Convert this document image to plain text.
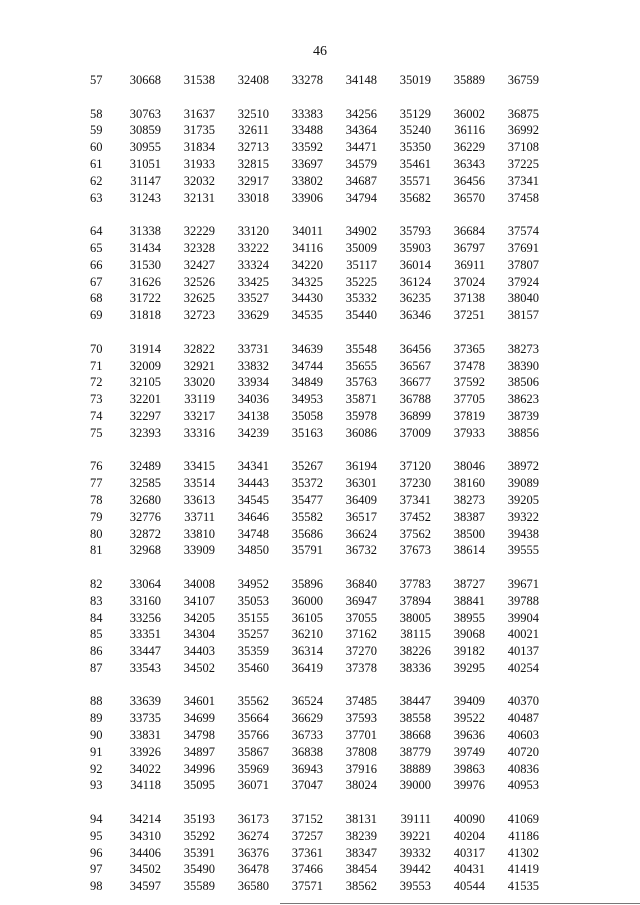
46
57	30668	31538	32408	33278	34148	35019	35889	36759
58	30763	31637	32510	33383	34256	35129	36002	36875
59	30859	31735	32611	33488	34364	35240	36116	36992
60	30955	31834	32713	33592	34471	35350	36229	37108
61	31051	31933	32815	33697	34579	35461	36343	37225
62	31147	32032	32917	33802	34687	35571	36456	37341
63	31243	32131	33018	33906	34794	35682	36570	37458
64	31338	32229	33120	34011	34902	35793	36684	37574
65	31434	32328	33222	34116	35009	35903	36797	37691
66	31530	32427	33324	34220	35117	36014	36911	37807
67	31626	32526	33425	34325	35225	36124	37024	37924
68	31722	32625	33527	34430	35332	36235	37138	38040
69	31818	32723	33629	34535	35440	36346	37251	38157
70	31914	32822	33731	34639	35548	36456	37365	38273
71	32009	32921	33832	34744	35655	36567	37478	38390
72	32105	33020	33934	34849	35763	36677	37592	38506
73	32201	33119	34036	34953	35871	36788	37705	38623
74	32297	33217	34138	35058	35978	36899	37819	38739
75	32393	33316	34239	35163	36086	37009	37933	38856
76	32489	33415	34341	35267	36194	37120	38046	38972
77	32585	33514	34443	35372	36301	37230	38160	39089
78	32680	33613	34545	35477	36409	37341	38273	39205
79	32776	33711	34646	35582	36517	37452	38387	39322
80	32872	33810	34748	35686	36624	37562	38500	39438
81	32968	33909	34850	35791	36732	37673	38614	39555
82	33064	34008	34952	35896	36840	37783	38727	39671
83	33160	34107	35053	36000	36947	37894	38841	39788
84	33256	34205	35155	36105	37055	38005	38955	39904
85	33351	34304	35257	36210	37162	38115	39068	40021
86	33447	34403	35359	36314	37270	38226	39182	40137
87	33543	34502	35460	36419	37378	38336	39295	40254
88	33639	34601	35562	36524	37485	38447	39409	40370
89	33735	34699	35664	36629	37593	38558	39522	40487
90	33831	34798	35766	36733	37701	38668	39636	40603
91	33926	34897	35867	36838	37808	38779	39749	40720
92	34022	34996	35969	36943	37916	38889	39863	40836
93	34118	35095	36071	37047	38024	39000	39976	40953
94	34214	35193	36173	37152	38131	39111	40090	41069
95	34310	35292	36274	37257	38239	39221	40204	41186
96	34406	35391	36376	37361	38347	39332	40317	41302
97	34502	35490	36478	37466	38454	39442	40431	41419
98	34597	35589	36580	37571	38562	39553	40544	41535
